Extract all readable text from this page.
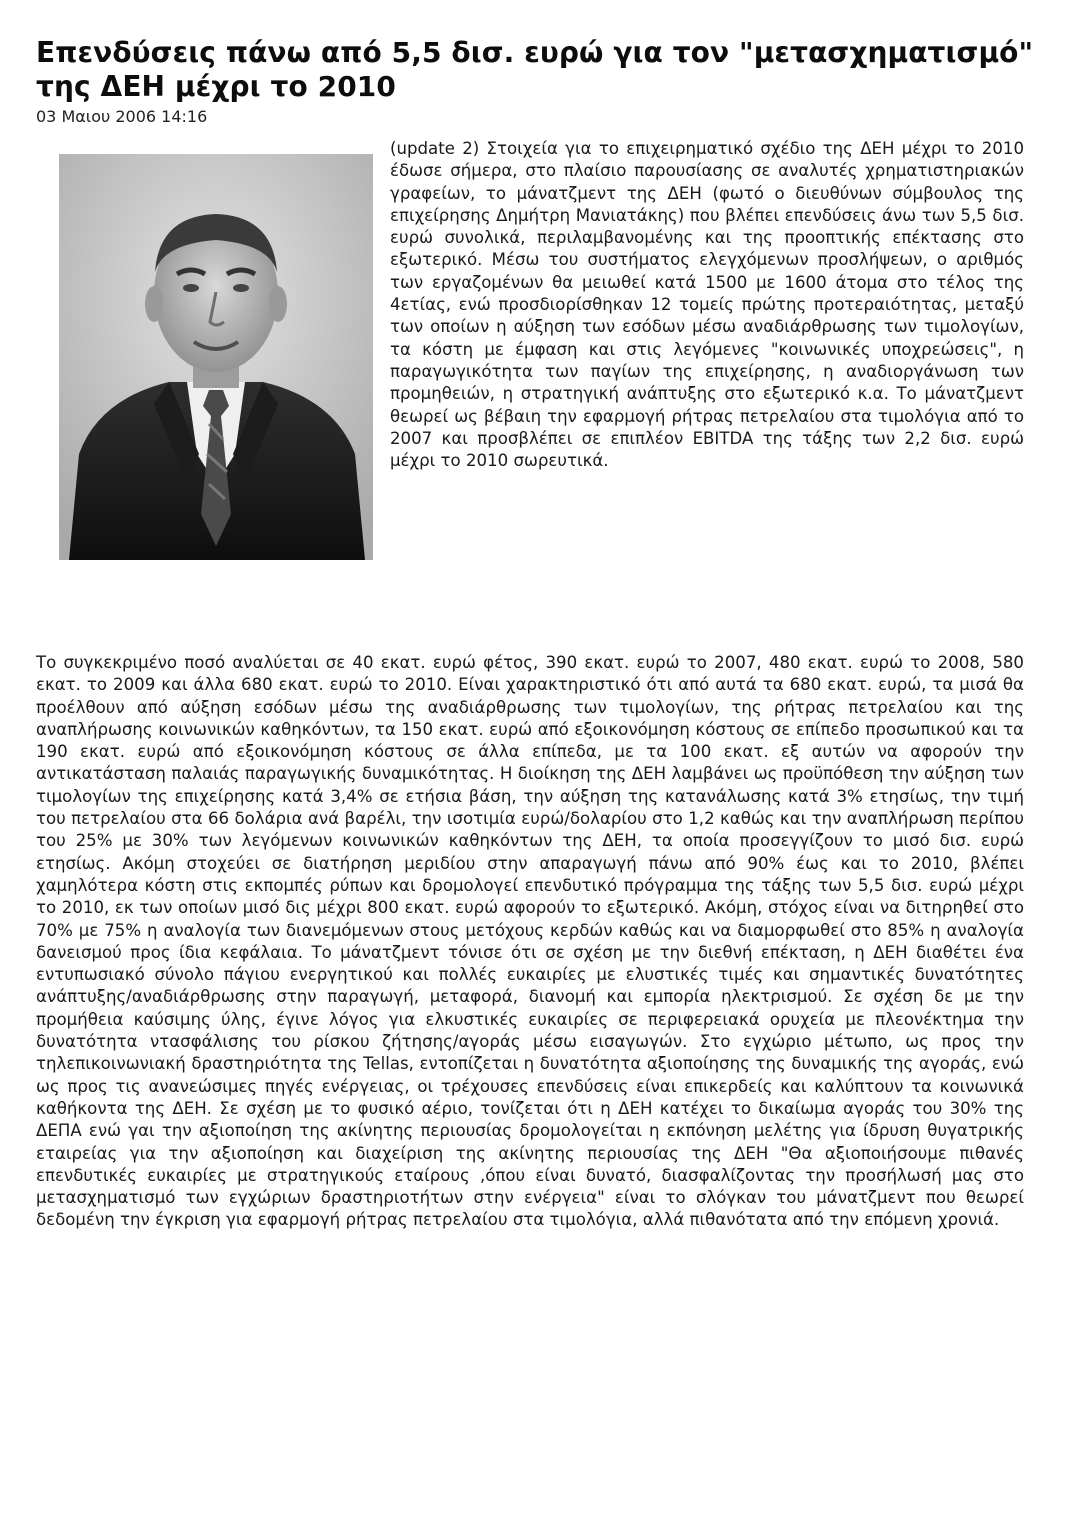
Επενδύσεις πάνω από 5,5 δισ. ευρώ για τον "μετασχηματισμό" της ΔΕΗ μέχρι το 2010
03 Μαιου 2006 14:16

(update 2) Στοιχεία για το επιχειρηματικό σχέδιο της ΔΕΗ μέχρι το 2010 έδωσε σήμερα, στο πλαίσιο παρουσίασης σε αναλυτές χρηματιστηριακών γραφείων, το μάνατζμεντ της ΔΕΗ (φωτό ο διευθύνων σύμβουλος της επιχείρησης Δημήτρη Μανιατάκης) που βλέπει επενδύσεις άνω των 5,5 δισ. ευρώ συνολικά, περιλαμβανομένης και της προοπτικής επέκτασης στο εξωτερικό. Μέσω του συστήματος ελεγχόμενων προσλήψεων, ο αριθμός των εργαζομένων θα μειωθεί κατά 1500 με 1600 άτομα στο τέλος της 4ετίας, ενώ προσδιορίσθηκαν 12 τομείς πρώτης προτεραιότητας, μεταξύ των οποίων η αύξηση των εσόδων μέσω αναδιάρθρωσης των τιμολογίων, τα κόστη με έμφαση και στις λεγόμενες "κοινωνικές υποχρεώσεις", η παραγωγικότητα των παγίων της επιχείρησης, η αναδιοργάνωση των προμηθειών, η στρατηγική ανάπτυξης στο εξωτερικό κ.α. Το μάνατζμεντ θεωρεί ως βέβαιη την εφαρμογή ρήτρας πετρελαίου στα τιμολόγια από το 2007 και προσβλέπει σε επιπλέον EBITDA της τάξης των 2,2 δισ. ευρώ μέχρι το 2010 σωρευτικά.

Το συγκεκριμένο ποσό αναλύεται σε 40 εκατ. ευρώ φέτος, 390 εκατ. ευρώ το 2007, 480 εκατ. ευρώ το 2008, 580 εκατ. το 2009 και άλλα 680 εκατ. ευρώ το 2010. Είναι χαρακτηριστικό ότι από αυτά τα 680 εκατ. ευρώ, τα μισά θα προέλθουν από αύξηση εσόδων μέσω της αναδιάρθρωσης των τιμολογίων, της ρήτρας πετρελαίου και της αναπλήρωσης κοινωνικών καθηκόντων, τα 150 εκατ. ευρώ από εξοικονόμηση κόστους σε επίπεδο προσωπικού και τα 190 εκατ. ευρώ από εξοικονόμηση κόστους σε άλλα επίπεδα, με τα 100 εκατ. εξ αυτών να αφορούν την αντικατάσταση παλαιάς παραγωγικής δυναμικότητας. Η διοίκηση της ΔΕΗ λαμβάνει ως προϋπόθεση την αύξηση των τιμολογίων της επιχείρησης κατά 3,4% σε ετήσια βάση, την αύξηση της κατανάλωσης κατά 3% ετησίως, την τιμή του πετρελαίου στα 66 δολάρια ανά βαρέλι, την ισοτιμία ευρώ/δολαρίου στο 1,2 καθώς και την αναπλήρωση περίπου του 25% με 30% των λεγόμενων κοινωνικών καθηκόντων της ΔΕΗ, τα οποία προσεγγίζουν το μισό δισ. ευρώ ετησίως. Ακόμη στοχεύει σε διατήρηση μεριδίου στην απαραγωγή πάνω από 90% έως και το 2010, βλέπει χαμηλότερα κόστη στις εκπομπές ρύπων και δρομολογεί επενδυτικό πρόγραμμα της τάξης των 5,5 δισ. ευρώ μέχρι το 2010, εκ των οποίων μισό δις μέχρι 800 εκατ. ευρώ αφορούν το εξωτερικό. Ακόμη, στόχος είναι να διτηρηθεί στο 70% με 75% η αναλογία των διανεμόμενων στους μετόχους κερδών καθώς και να διαμορφωθεί στο 85% η αναλογία δανεισμού προς ίδια κεφάλαια. Το μάνατζμεντ τόνισε ότι σε σχέση με την διεθνή επέκταση, η ΔΕΗ διαθέτει ένα εντυπωσιακό σύνολο πάγιου ενεργητικού και πολλές ευκαιρίες με ελυστικές τιμές και σημαντικές δυνατότητες ανάπτυξης/αναδιάρθρωσης στην παραγωγή, μεταφορά, διανομή και εμπορία ηλεκτρισμού. Σε σχέση δε με την προμήθεια καύσιμης ύλης, έγινε λόγος για ελκυστικές ευκαιρίες σε περιφερειακά ορυχεία με πλεονέκτημα την δυνατότητα ντασφάλισης του ρίσκου ζήτησης/αγοράς μέσω εισαγωγών. Στο εγχώριο μέτωπο, ως προς την τηλεπικοινωνιακή δραστηριότητα της Tellas, εντοπίζεται η δυνατότητα αξιοποίησης της δυναμικής της αγοράς, ενώ ως προς τις ανανεώσιμες πηγές ενέργειας, οι τρέχουσες επενδύσεις είναι επικερδείς και καλύπτουν τα κοινωνικά καθήκοντα της ΔΕΗ. Σε σχέση με το φυσικό αέριο, τονίζεται ότι η ΔΕΗ κατέχει το δικαίωμα αγοράς του 30% της ΔΕΠΑ ενώ γαι την αξιοποίηση της ακίνητης περιουσίας δρομολογείται η εκπόνηση μελέτης για ίδρυση θυγατρικής εταιρείας για την αξιοποίηση και διαχείριση της ακίνητης περιουσίας της ΔΕΗ "Θα αξιοποιήσουμε πιθανές επενδυτικές ευκαιρίες με στρατηγικούς εταίρους ,όπου είναι δυνατό, διασφαλίζοντας την προσήλωσή μας στο μετασχηματισμό των εγχώριων δραστηριοτήτων στην ενέργεια" είναι το σλόγκαν του μάνατζμεντ που θεωρεί δεδομένη την έγκριση για εφαρμογή ρήτρας πετρελαίου στα τιμολόγια, αλλά πιθανότατα από την επόμενη χρονιά.
